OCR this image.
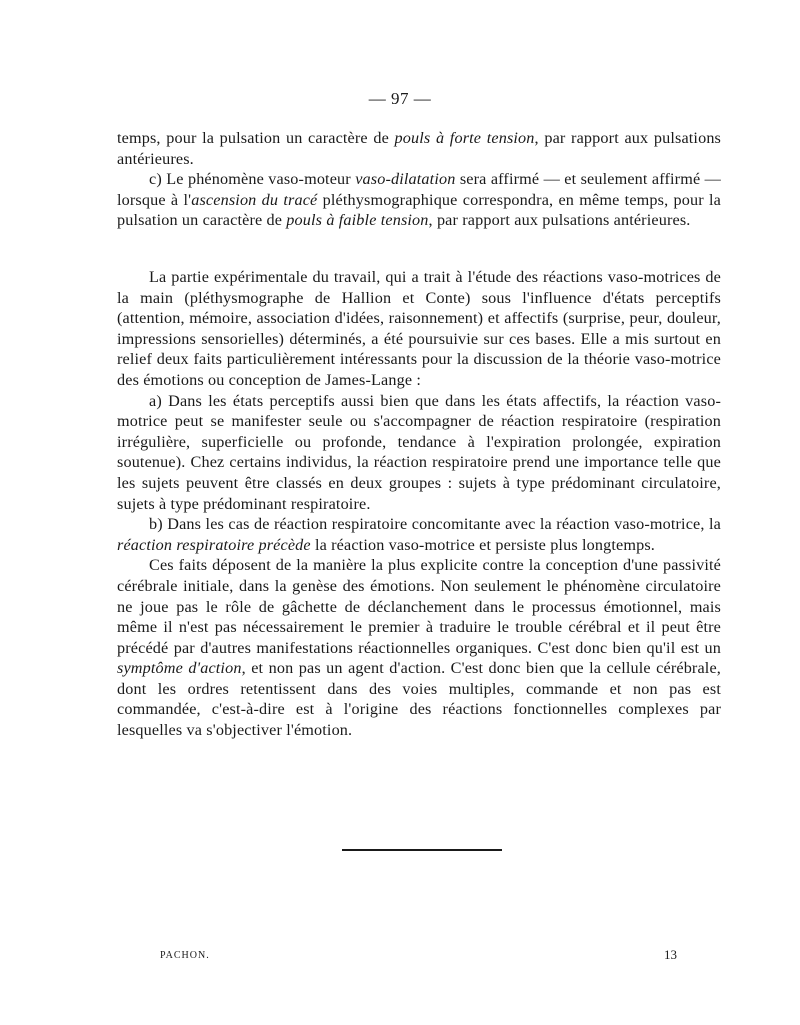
— 97 —

temps, pour la pulsation un caractère de pouls à forte tension, par rapport aux pulsations antérieures.

c) Le phénomène vaso-moteur vaso-dilatation sera affirmé — et seulement affirmé — lorsque à l'ascension du tracé pléthysmographique correspondra, en même temps, pour la pulsation un caractère de pouls à faible tension, par rapport aux pulsations antérieures.

La partie expérimentale du travail, qui a trait à l'étude des réactions vaso-motrices de la main (pléthysmographe de Hallion et Conte) sous l'influence d'états perceptifs (attention, mémoire, association d'idées, raisonnement) et affectifs (surprise, peur, douleur, impressions sensorielles) déterminés, a été poursuivie sur ces bases. Elle a mis surtout en relief deux faits particulièrement intéressants pour la discussion de la théorie vaso-motrice des émotions ou conception de James-Lange :

a) Dans les états perceptifs aussi bien que dans les états affectifs, la réaction vaso-motrice peut se manifester seule ou s'accompagner de réaction respiratoire (respiration irrégulière, superficielle ou profonde, tendance à l'expiration prolongée, expiration soutenue). Chez certains individus, la réaction respiratoire prend une importance telle que les sujets peuvent être classés en deux groupes : sujets à type prédominant circulatoire, sujets à type prédominant respiratoire.

b) Dans les cas de réaction respiratoire concomitante avec la réaction vaso-motrice, la réaction respiratoire précède la réaction vaso-motrice et persiste plus longtemps.

Ces faits déposent de la manière la plus explicite contre la conception d'une passivité cérébrale initiale, dans la genèse des émotions. Non seulement le phénomène circulatoire ne joue pas le rôle de gâchette de déclanchement dans le processus émotionnel, mais même il n'est pas nécessairement le premier à traduire le trouble cérébral et il peut être précédé par d'autres manifestations réactionnelles organiques. C'est donc bien qu'il est un symptôme d'action, et non pas un agent d'action. C'est donc bien que la cellule cérébrale, dont les ordres retentissent dans des voies multiples, commande et non pas est commandée, c'est-à-dire est à l'origine des réactions fonctionnelles complexes par lesquelles va s'objectiver l'émotion.

PACHON.	13
